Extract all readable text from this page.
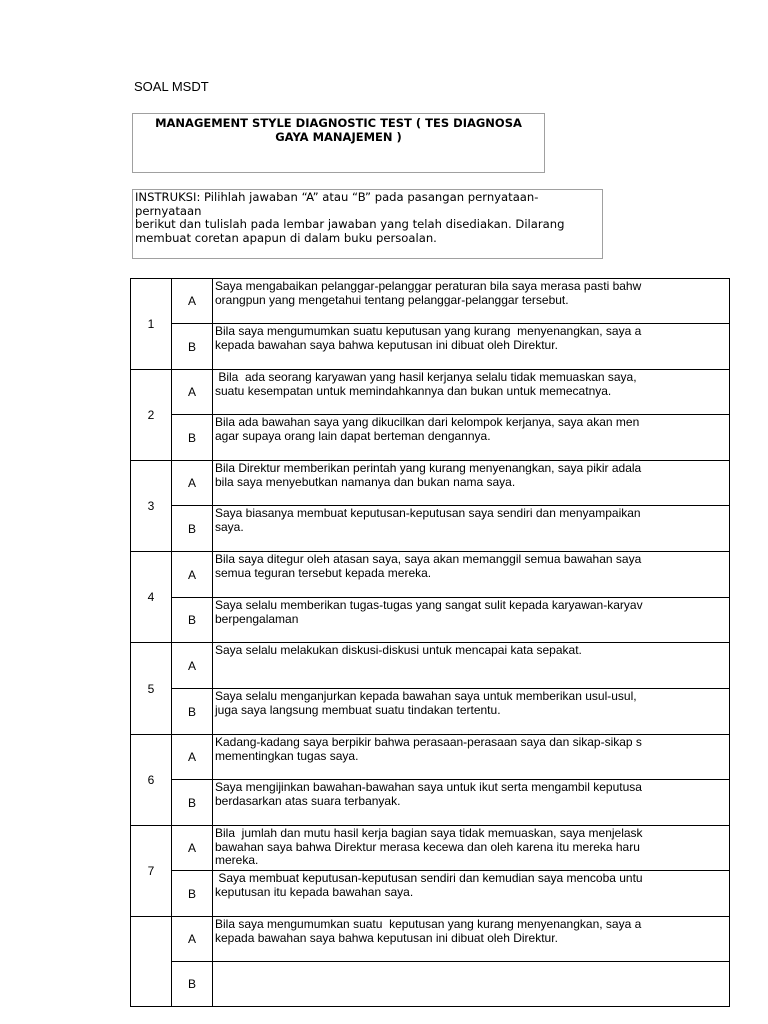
SOAL MSDT
MANAGEMENT STYLE DIAGNOSTIC TEST ( TES DIAGNOSA GAYA MANAJEMEN )
INSTRUKSI: Pilihlah jawaban “A” atau “B” pada pasangan pernyataan-pernyataan
berikut dan tulislah pada lembar jawaban yang telah disediakan. Dilarang
membuat coretan apapun di dalam buku persoalan.
1	A	Saya mengabaikan pelanggar-pelanggar peraturan bila saya merasa pasti bahw
orangpun yang mengetahui tentang pelanggar-pelanggar tersebut.
	B	Bila saya mengumumkan suatu keputusan yang kurang  menyenangkan, saya a
kepada bawahan saya bahwa keputusan ini dibuat oleh Direktur.
2	A	Bila  ada seorang karyawan yang hasil kerjanya selalu tidak memuaskan saya,
suatu kesempatan untuk memindahkannya dan bukan untuk memecatnya.
	B	Bila ada bawahan saya yang dikucilkan dari kelompok kerjanya, saya akan men
agar supaya orang lain dapat berteman dengannya.
3	A	Bila Direktur memberikan perintah yang kurang menyenangkan, saya pikir adala
bila saya menyebutkan namanya dan bukan nama saya.
	B	Saya biasanya membuat keputusan-keputusan saya sendiri dan menyampaikan
saya.
4	A	Bila saya ditegur oleh atasan saya, saya akan memanggil semua bawahan saya
semua teguran tersebut kepada mereka.
	B	Saya selalu memberikan tugas-tugas yang sangat sulit kepada karyawan-karyav
berpengalaman
5	A	Saya selalu melakukan diskusi-diskusi untuk mencapai kata sepakat.
	B	Saya selalu menganjurkan kepada bawahan saya untuk memberikan usul-usul,
juga saya langsung membuat suatu tindakan tertentu.
6	A	Kadang-kadang saya berpikir bahwa perasaan-perasaan saya dan sikap-sikap s
mementingkan tugas saya.
	B	Saya mengijinkan bawahan-bawahan saya untuk ikut serta mengambil keputusa
berdasarkan atas suara terbanyak.
7	A	Bila  jumlah dan mutu hasil kerja bagian saya tidak memuaskan, saya menjelask
bawahan saya bahwa Direktur merasa kecewa dan oleh karena itu mereka haru
mereka.
	B	Saya membuat keputusan-keputusan sendiri dan kemudian saya mencoba untu
keputusan itu kepada bawahan saya.
	A	Bila saya mengumumkan suatu  keputusan yang kurang menyenangkan, saya a
kepada bawahan saya bahwa keputusan ini dibuat oleh Direktur.
	B	
